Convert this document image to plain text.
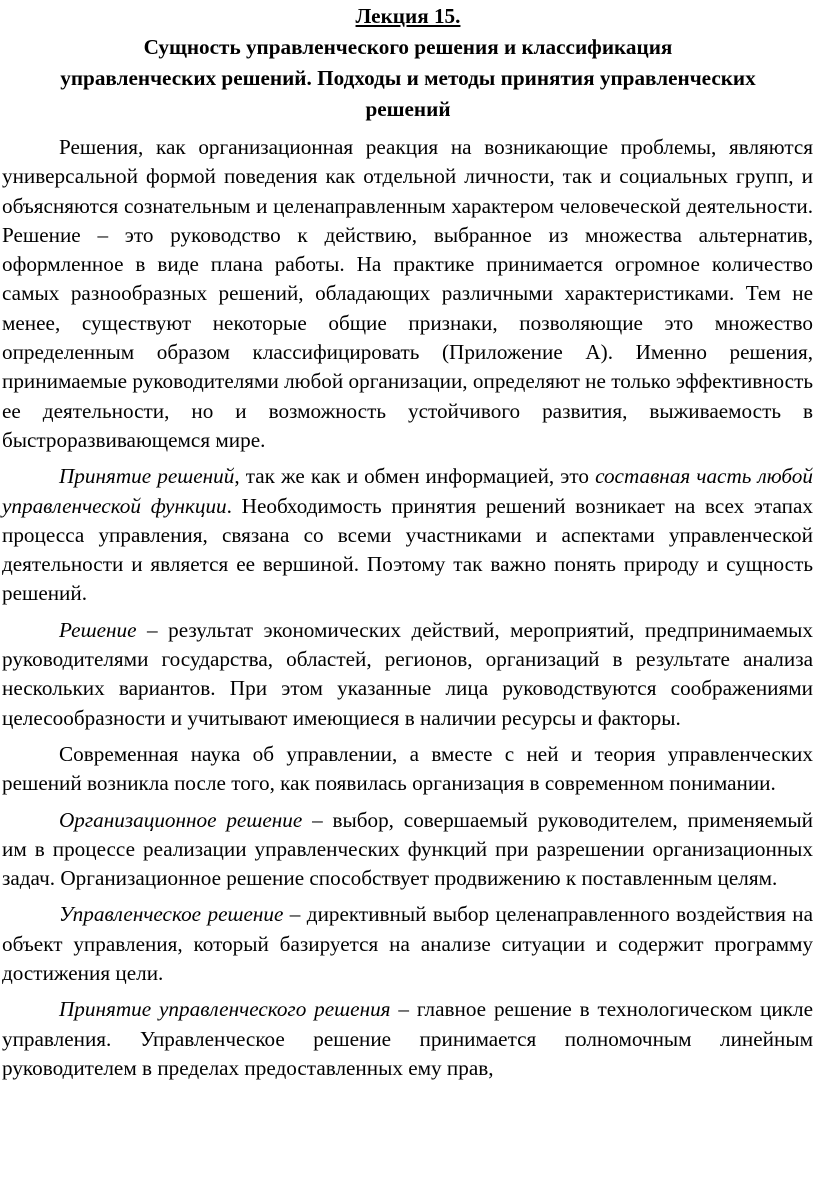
Лекция 15.
Сущность управленческого решения и классификация
управленческих решений. Подходы и методы принятия управленческих
решений

Решения, как организационная реакция на возникающие проблемы, являются универсальной формой поведения как отдельной личности, так и социальных групп, и объясняются сознательным и целенаправленным характером человеческой деятельности. Решение – это руководство к действию, выбранное из множества альтернатив, оформленное в виде плана работы. На практике принимается огромное количество самых разнообразных решений, обладающих различными характеристиками. Тем не менее, существуют некоторые общие признаки, позволяющие это множество определенным образом классифицировать (Приложение А). Именно решения, принимаемые руководителями любой организации, определяют не только эффективность ее деятельности, но и возможность устойчивого развития, выживаемость в быстроразвивающемся мире.

Принятие решений, так же как и обмен информацией, это составная часть любой управленческой функции. Необходимость принятия решений возникает на всех этапах процесса управления, связана со всеми участниками и аспектами управленческой деятельности и является ее вершиной. Поэтому так важно понять природу и сущность решений.

Решение – результат экономических действий, мероприятий, предпринимаемых руководителями государства, областей, регионов, организаций в результате анализа нескольких вариантов. При этом указанные лица руководствуются соображениями целесообразности и учитывают имеющиеся в наличии ресурсы и факторы.

Современная наука об управлении, а вместе с ней и теория управленческих решений возникла после того, как появилась организация в современном понимании.

Организационное решение – выбор, совершаемый руководителем, применяемый им в процессе реализации управленческих функций при разрешении организационных задач. Организационное решение способствует продвижению к поставленным целям.

Управленческое решение – директивный выбор целенаправленного воздействия на объект управления, который базируется на анализе ситуации и содержит программу достижения цели.

Принятие управленческого решения – главное решение в технологическом цикле управления. Управленческое решение принимается полномочным линейным руководителем в пределах предоставленных ему прав,
